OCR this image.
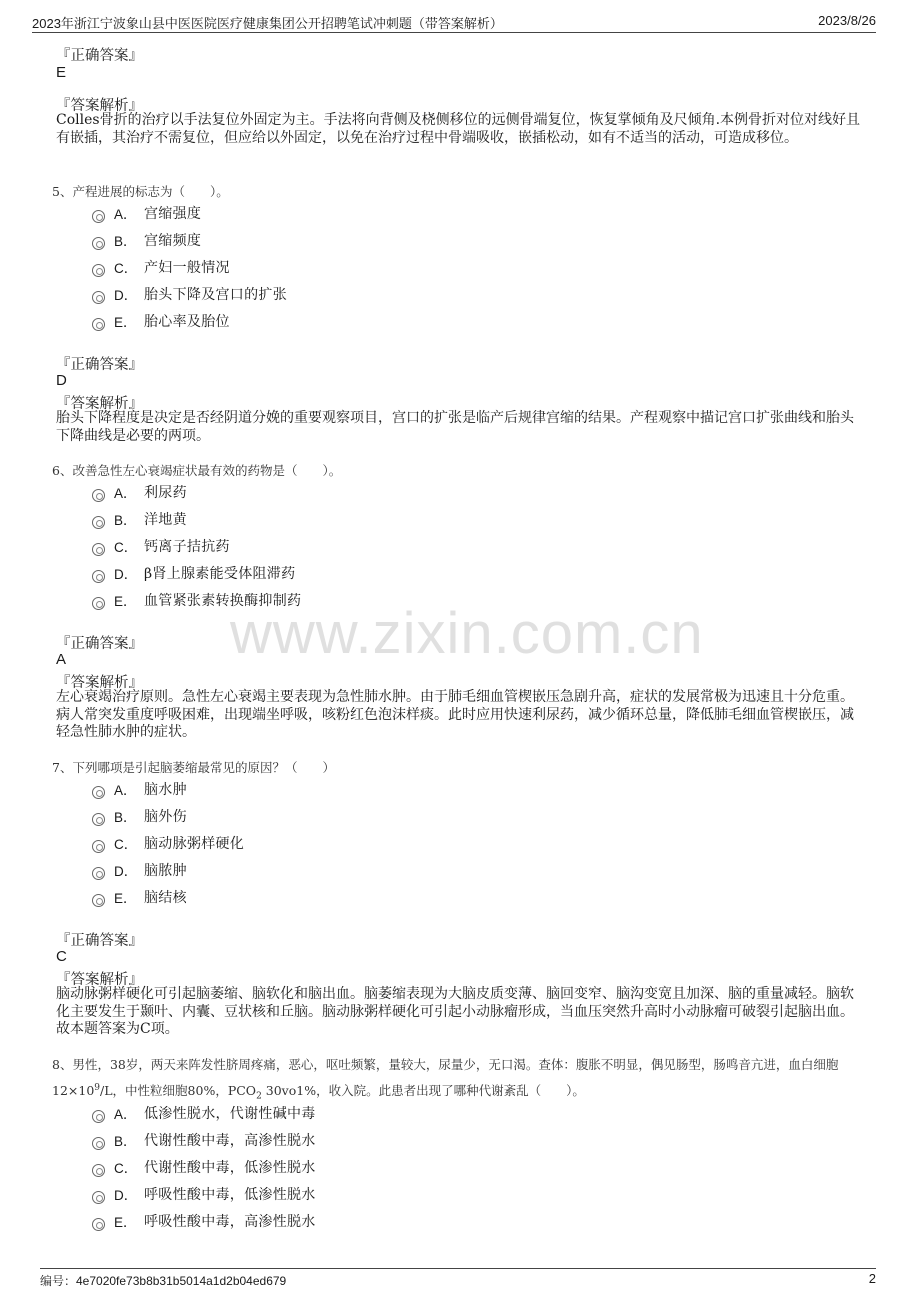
2023年浙江宁波象山县中医医院医疗健康集团公开招聘笔试冲刺题（带答案解析）	2023/8/26
www.zixin.com.cn
『正确答案』
E
『答案解析』
Colles骨折的治疗以手法复位外固定为主。手法将向背侧及桡侧移位的远侧骨端复位，恢复掌倾角及尺倾角.本例骨折对位对线好且有嵌插，其治疗不需复位，但应给以外固定，以免在治疗过程中骨端吸收，嵌插松动，如有不适当的活动，可造成移位。
5、产程进展的标志为（　　）。
A． 宫缩强度
B． 宫缩频度
C． 产妇一般情况
D． 胎头下降及宫口的扩张
E． 胎心率及胎位
『正确答案』
D
『答案解析』
胎头下降程度是决定是否经阴道分娩的重要观察项目，宫口的扩张是临产后规律宫缩的结果。产程观察中描记宫口扩张曲线和胎头下降曲线是必要的两项。
6、改善急性左心衰竭症状最有效的药物是（　　）。
A． 利尿药
B． 洋地黄
C． 钙离子拮抗药
D． β肾上腺素能受体阻滞药
E． 血管紧张素转换酶抑制药
『正确答案』
A
『答案解析』
左心衰竭治疗原则。急性左心衰竭主要表现为急性肺水肿。由于肺毛细血管楔嵌压急剧升高，症状的发展常极为迅速且十分危重。病人常突发重度呼吸困难，出现端坐呼吸，咳粉红色泡沫样痰。此时应用快速利尿药，减少循环总量，降低肺毛细血管楔嵌压，减轻急性肺水肿的症状。
7、下列哪项是引起脑萎缩最常见的原因？（　　）
A． 脑水肿
B． 脑外伤
C． 脑动脉粥样硬化
D． 脑脓肿
E． 脑结核
『正确答案』
C
『答案解析』
脑动脉粥样硬化可引起脑萎缩、脑软化和脑出血。脑萎缩表现为大脑皮质变薄、脑回变窄、脑沟变宽且加深、脑的重量减轻。脑软化主要发生于颞叶、内囊、豆状核和丘脑。脑动脉粥样硬化可引起小动脉瘤形成，当血压突然升高时小动脉瘤可破裂引起脑出血。故本题答案为C项。
8、男性，38岁，两天来阵发性脐周疼痛，恶心，呕吐频繁，量较大，尿量少，无口渴。查体：腹胀不明显，偶见肠型，肠鸣音亢进，血白细胞
$12\times 10^9/L$，中性粒细胞80%，$PCO_2$ 30vo1%，收入院。此患者出现了哪种代谢紊乱（　　）。
A． 低渗性脱水，代谢性碱中毒
B． 代谢性酸中毒，高渗性脱水
C． 代谢性酸中毒，低渗性脱水
D． 呼吸性酸中毒，低渗性脱水
E． 呼吸性酸中毒，高渗性脱水
编号：4e7020fe73b8b31b5014a1d2b04ed679	2
